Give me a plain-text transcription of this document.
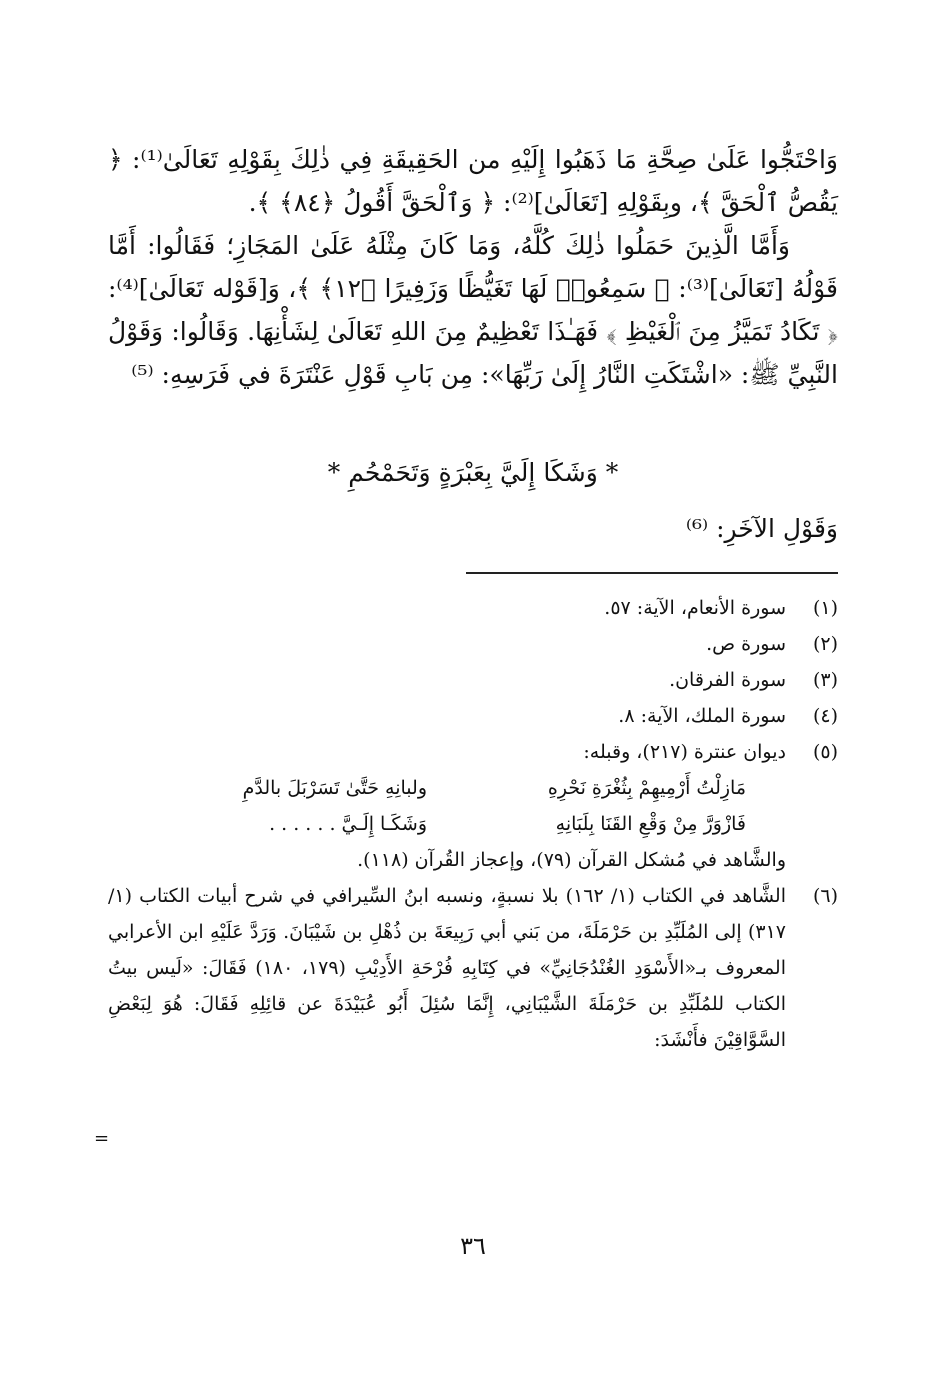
وَاحْتَجُّوا عَلَىٰ صِحَّةِ مَا ذَهَبُوا إِلَيْهِ من الحَقِيقَةِ فِي ذٰلِكَ بِقَوْلِهِ تَعَالَىٰ⁽¹⁾: ﴿ يَقُصُّ ٱلْحَقَّ ﴾، وبِقَوْلِهِ [تَعَالَىٰ]⁽²⁾: ﴿ وَٱلْحَقَّ أَقُولُ ﴿٨٤﴾ ﴾.

وَأَمَّا الَّذِينَ حَمَلُوا ذٰلِكَ كُلَّهُ، وَمَا كَانَ مِثْلَهُ عَلَىٰ المَجَازِ؛ فَقَالُوا: أَمَّا قَوْلُهُ [تَعَالَىٰ]⁽³⁾: ﴿ سَمِعُوا۟ لَهَا تَغَيُّظًا وَزَفِيرًا ﴿١٢﴾ ﴾، وَ[قَوْله تَعَالَىٰ]⁽⁴⁾: ﴿ تَكَادُ تَمَيَّزُ مِنَ ٱلْغَيْظِ ﴾ فَهَـٰذَا تَعْظِيمٌ مِنَ اللهِ تَعَالَىٰ لِشَأْنِهَا. وَقَالُوا: وَقَوْلُ النَّبِيِّ ﷺ: «اشْتَكَتِ النَّارُ إِلَىٰ رَبِّهَا»: مِن بَابِ قَوْلِ عَنْتَرَةَ في فَرَسِهِ: ⁽⁵⁾

* وَشَكَا إِلَيَّ بِعَبْرَةٍ وَتَحَمْحُمِ *
وَقَوْلِ الآخَرِ: ⁽⁶⁾
(١)
سورة الأنعام، الآية: ٥٧.
(٢)
سورة ص.
(٣)
سورة الفرقان.
(٤)
سورة الملك، الآية: ٨.
(٥)
ديوان عنترة (٢١٧)، وقبله:
مَازِلْتُ أَرْمِيهِمْ بِثُغْرَةِ نَحْرِهِ
ولبانِهِ حَتَّىٰ تَسَرْبَلَ بالدَّمِ
فَازْوَرَّ مِنْ وَقْعِ القَنَا بِلَبَانِهِ
وَشَكَـا إِلَـيَّ . . . . . .
والشَّاهد في مُشكل القرآن (٧٩)، وإعجاز القُرآن (١١٨).
(٦)
الشَّاهد في الكتاب (١/ ١٦٢) بلا نسبةٍ، ونسبه ابنُ السِّيرافي في شرح أبيات الكتاب (١/ ٣١٧) إلى المُلَبِّدِ بن حَرْمَلَةَ، من بَني أبي رَبِيعَةَ بن ذُهْلِ بن شَيْبَانَ. وَرَدَّ عَلَيْهِ ابن الأعرابي المعروف بـ«الأَسْوَدِ الغُنْدُجَانِيِّ» في كِتَابِهِ فُرْحَةِ الأَدِيْبِ (١٧٩، ١٨٠) فَقَالَ: «لَيس بيتُ الكتاب للمُلَبِّدِ بن حَرْمَلَةَ الشَّيْبَانِي، إِنَّمَا سُئِلَ أَبُو عُبَيْدَةَ عن قائِلِهِ فَقَالَ: هُوَ لِبَعْضِ السَّوَّاقِيْنَ فأَنْشَدَ:
=
٣٦
